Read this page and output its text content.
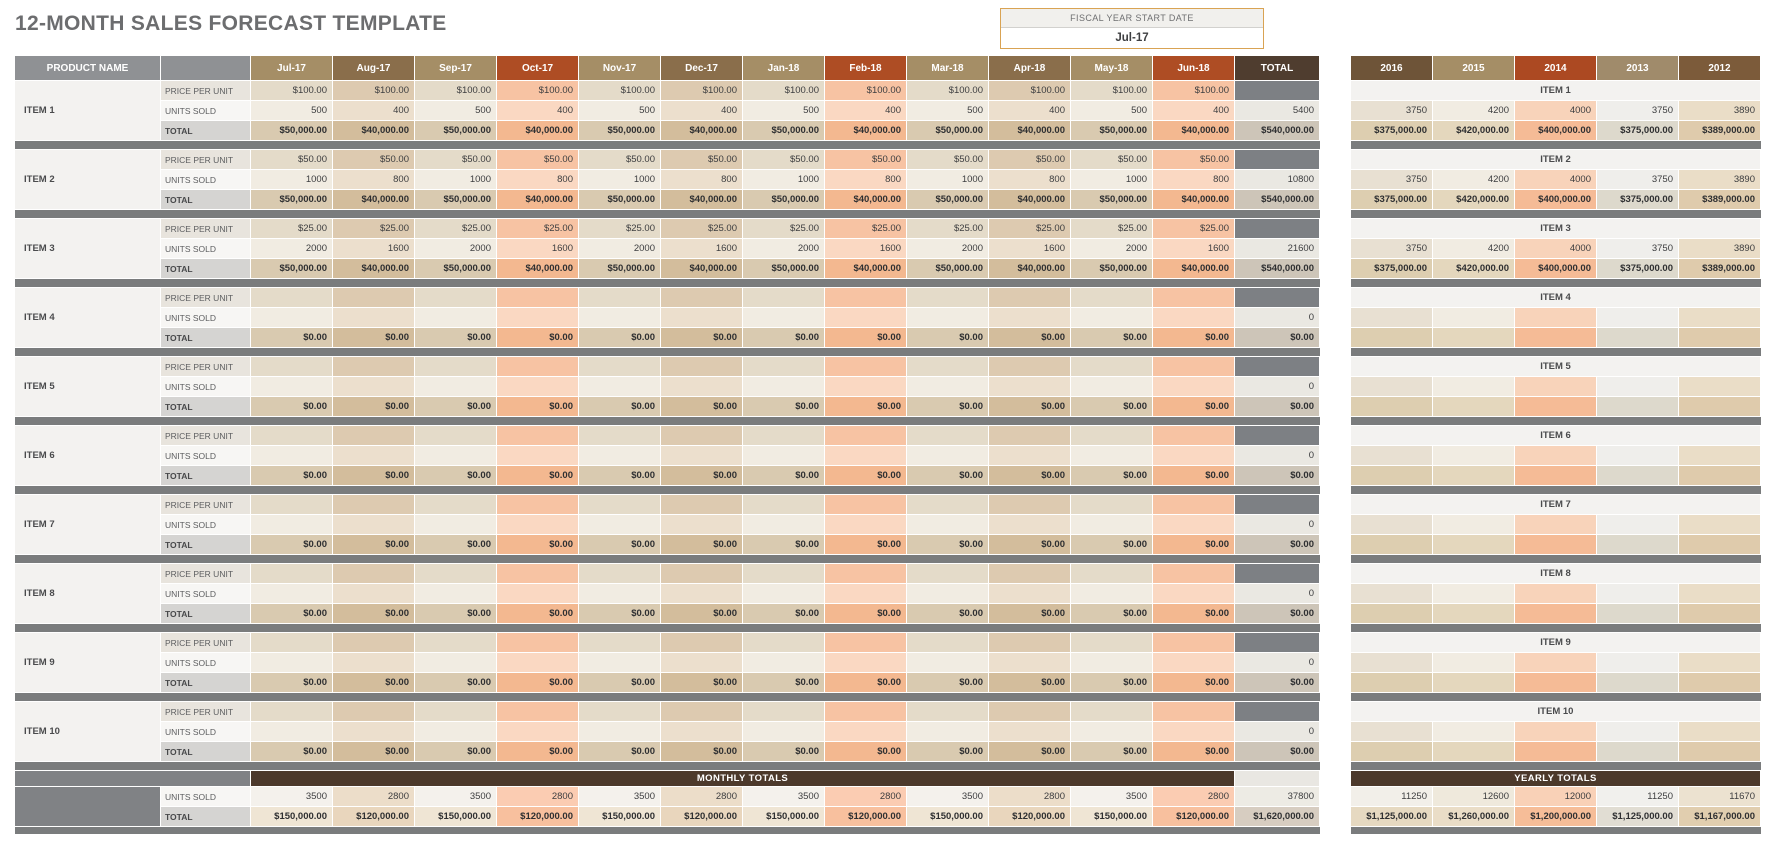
12-MONTH SALES FORECAST TEMPLATE	FISCAL YEAR START DATE
Jul-17
PRODUCT NAME		Jul-17	Aug-17	Sep-17	Oct-17	Nov-17	Dec-17	Jan-18	Feb-18	Mar-18	Apr-18	May-18	Jun-18	TOTAL
ITEM 1	PRICE PER UNIT	$100.00	$100.00	$100.00	$100.00	$100.00	$100.00	$100.00	$100.00	$100.00	$100.00	$100.00	$100.00	
	UNITS SOLD	500	400	500	400	500	400	500	400	500	400	500	400	5400
	TOTAL	$50,000.00	$40,000.00	$50,000.00	$40,000.00	$50,000.00	$40,000.00	$50,000.00	$40,000.00	$50,000.00	$40,000.00	$50,000.00	$40,000.00	$540,000.00

ITEM 2	PRICE PER UNIT	$50.00	$50.00	$50.00	$50.00	$50.00	$50.00	$50.00	$50.00	$50.00	$50.00	$50.00	$50.00	
	UNITS SOLD	1000	800	1000	800	1000	800	1000	800	1000	800	1000	800	10800
	TOTAL	$50,000.00	$40,000.00	$50,000.00	$40,000.00	$50,000.00	$40,000.00	$50,000.00	$40,000.00	$50,000.00	$40,000.00	$50,000.00	$40,000.00	$540,000.00

ITEM 3	PRICE PER UNIT	$25.00	$25.00	$25.00	$25.00	$25.00	$25.00	$25.00	$25.00	$25.00	$25.00	$25.00	$25.00	
	UNITS SOLD	2000	1600	2000	1600	2000	1600	2000	1600	2000	1600	2000	1600	21600
	TOTAL	$50,000.00	$40,000.00	$50,000.00	$40,000.00	$50,000.00	$40,000.00	$50,000.00	$40,000.00	$50,000.00	$40,000.00	$50,000.00	$40,000.00	$540,000.00

ITEM 4	PRICE PER UNIT													
	UNITS SOLD													0
	TOTAL	$0.00	$0.00	$0.00	$0.00	$0.00	$0.00	$0.00	$0.00	$0.00	$0.00	$0.00	$0.00	$0.00

ITEM 5	PRICE PER UNIT													
	UNITS SOLD													0
	TOTAL	$0.00	$0.00	$0.00	$0.00	$0.00	$0.00	$0.00	$0.00	$0.00	$0.00	$0.00	$0.00	$0.00

ITEM 6	PRICE PER UNIT													
	UNITS SOLD													0
	TOTAL	$0.00	$0.00	$0.00	$0.00	$0.00	$0.00	$0.00	$0.00	$0.00	$0.00	$0.00	$0.00	$0.00

ITEM 7	PRICE PER UNIT													
	UNITS SOLD													0
	TOTAL	$0.00	$0.00	$0.00	$0.00	$0.00	$0.00	$0.00	$0.00	$0.00	$0.00	$0.00	$0.00	$0.00

ITEM 8	PRICE PER UNIT													
	UNITS SOLD													0
	TOTAL	$0.00	$0.00	$0.00	$0.00	$0.00	$0.00	$0.00	$0.00	$0.00	$0.00	$0.00	$0.00	$0.00

ITEM 9	PRICE PER UNIT													
	UNITS SOLD													0
	TOTAL	$0.00	$0.00	$0.00	$0.00	$0.00	$0.00	$0.00	$0.00	$0.00	$0.00	$0.00	$0.00	$0.00

ITEM 10	PRICE PER UNIT													
	UNITS SOLD													0
	TOTAL	$0.00	$0.00	$0.00	$0.00	$0.00	$0.00	$0.00	$0.00	$0.00	$0.00	$0.00	$0.00	$0.00

		MONTHLY TOTALS												
	UNITS SOLD	3500	2800	3500	2800	3500	2800	3500	2800	3500	2800	3500	2800	37800
	TOTAL	$150,000.00	$120,000.00	$150,000.00	$120,000.00	$150,000.00	$120,000.00	$150,000.00	$120,000.00	$150,000.00	$120,000.00	$150,000.00	$120,000.00	$1,620,000.00

2016	2015	2014	2013	2012
ITEM 1				
3750	4200	4000	3750	3890
$375,000.00	$420,000.00	$400,000.00	$375,000.00	$389,000.00

ITEM 2				
3750	4200	4000	3750	3890
$375,000.00	$420,000.00	$400,000.00	$375,000.00	$389,000.00

ITEM 3				
3750	4200	4000	3750	3890
$375,000.00	$420,000.00	$400,000.00	$375,000.00	$389,000.00

ITEM 4				

ITEM 5				

ITEM 6				

ITEM 7				

ITEM 8				

ITEM 9				

ITEM 10				

YEARLY TOTALS				
11250	12600	12000	11250	11670
$1,125,000.00	$1,260,000.00	$1,200,000.00	$1,125,000.00	$1,167,000.00
